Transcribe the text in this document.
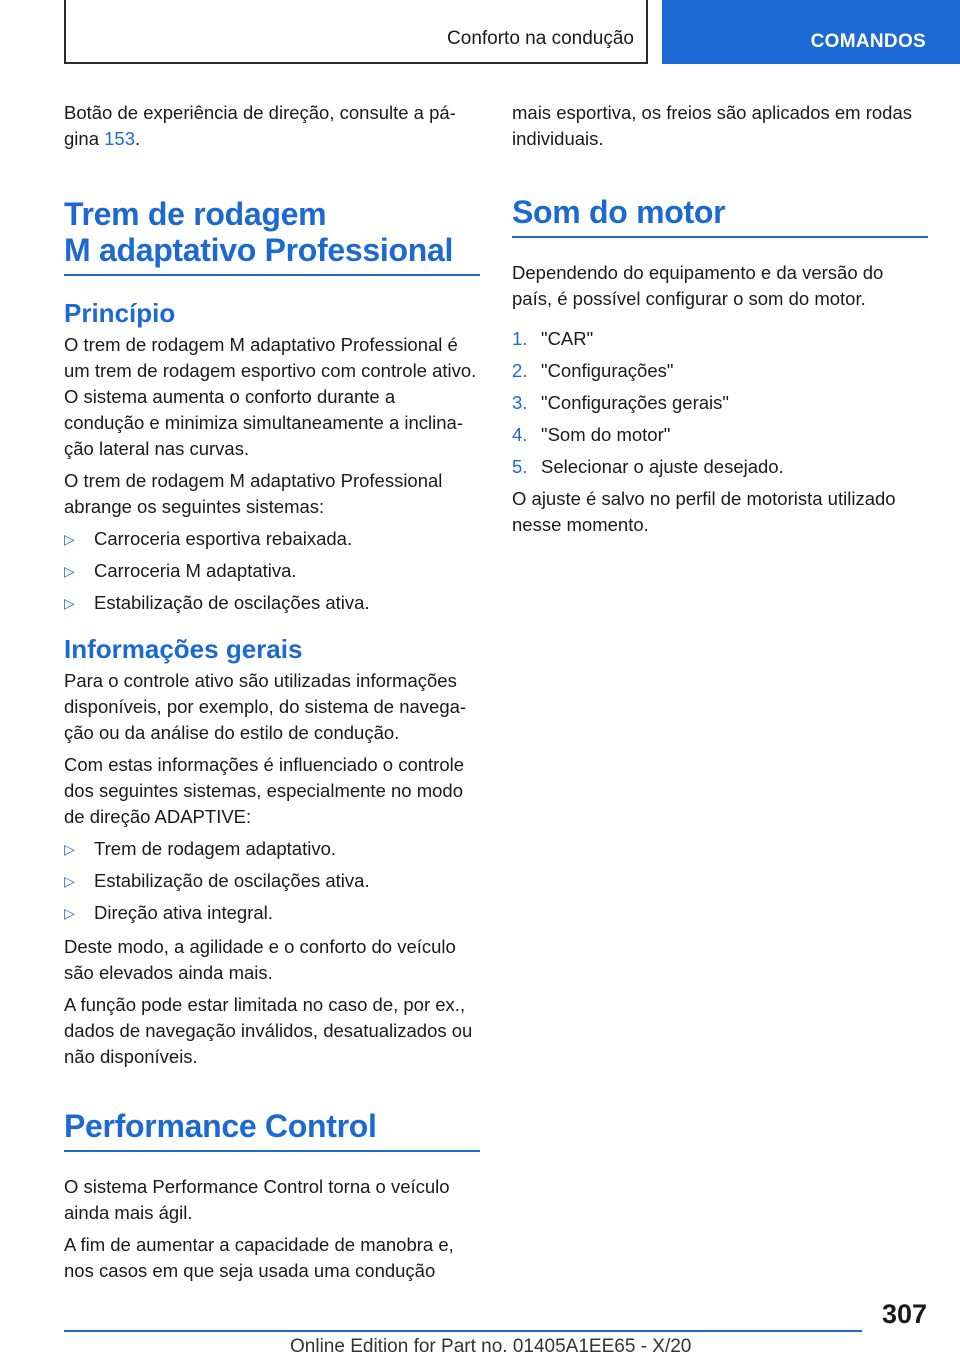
Conforto na condução	COMANDOS

Botão de experiência de direção, consulte a pá-gina 153.

Trem de rodagem
M adaptativo Professional
Princípio

O trem de rodagem M adaptativo Professional é um trem de rodagem esportivo com controle ativo. O sistema aumenta o conforto durante a condução e minimiza simultaneamente a inclina-ção lateral nas curvas.

O trem de rodagem M adaptativo Professional abrange os seguintes sistemas:

▷ Carroceria esportiva rebaixada.
▷ Carroceria M adaptativa.
▷ Estabilização de oscilações ativa.
Informações gerais

Para o controle ativo são utilizadas informações disponíveis, por exemplo, do sistema de navega-ção ou da análise do estilo de condução.

Com estas informações é influenciado o controle dos seguintes sistemas, especialmente no modo de direção ADAPTIVE:

▷ Trem de rodagem adaptativo.
▷ Estabilização de oscilações ativa.
▷ Direção ativa integral.

Deste modo, a agilidade e o conforto do veículo são elevados ainda mais.

A função pode estar limitada no caso de, por ex., dados de navegação inválidos, desatualizados ou não disponíveis.

Performance Control

O sistema Performance Control torna o veículo ainda mais ágil.

A fim de aumentar a capacidade de manobra e, nos casos em que seja usada uma condução

mais esportiva, os freios são aplicados em rodas individuais.

Som do motor

Dependendo do equipamento e da versão do país, é possível configurar o som do motor.

1. "CAR"
2. "Configurações"
3. "Configurações gerais"
4. "Som do motor"
5. Selecionar o ajuste desejado.

O ajuste é salvo no perfil de motorista utilizado nesse momento.

307
Online Edition for Part no. 01405A1EE65 - X/20
